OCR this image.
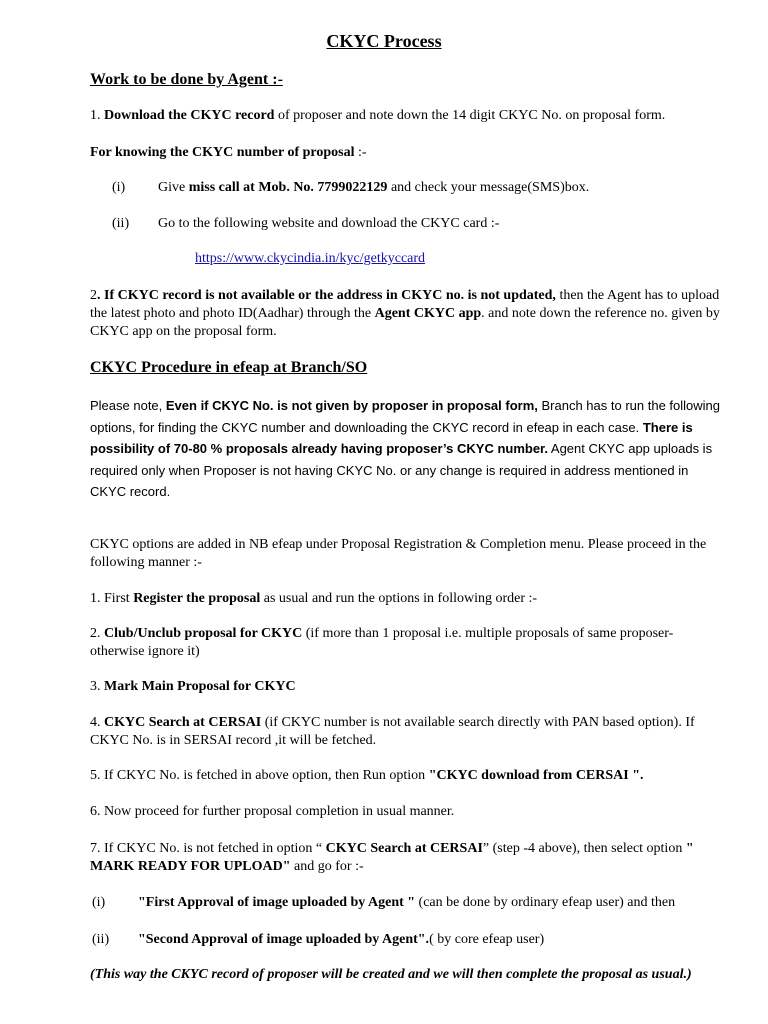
CKYC Process
Work to be done by Agent :-

1. Download the CKYC record of proposer and note down the 14 digit CKYC No. on proposal form.

For knowing the CKYC number of proposal :-

(i) Give miss call at Mob. No. 7799022129 and check your message(SMS)box.

(ii) Go to the following website and download the CKYC card :-

https://www.ckycindia.in/kyc/getkyccard

2. If CKYC record is not available or the address in CKYC no. is not updated, then the Agent has to upload the latest photo and photo ID(Aadhar) through the Agent CKYC app. and note down the reference no. given by CKYC app on the proposal form.

CKYC Procedure in efeap at Branch/SO

Please note, Even if CKYC No. is not given by proposer in proposal form, Branch has to run the following options, for finding the CKYC number and downloading the CKYC record in efeap in each case. There is possibility of 70-80 % proposals already having proposer’s CKYC number. Agent CKYC app uploads is required only when Proposer is not having CKYC No. or any change is required in address mentioned in CKYC record.

CKYC options are added in NB efeap under Proposal Registration & Completion menu. Please proceed in the following manner :-

1. First Register the proposal as usual and run the options in following order :-

2. Club/Unclub proposal for CKYC (if more than 1 proposal i.e. multiple proposals of same proposer- otherwise ignore it)

3. Mark Main Proposal for CKYC

4. CKYC Search at CERSAI (if CKYC number is not available search directly with PAN based option). If CKYC No. is in SERSAI record ,it will be fetched.

5. If CKYC No. is fetched in above option, then Run option "CKYC download from CERSAI ".

6. Now proceed for further proposal completion in usual manner.

7. If CKYC No. is not fetched in option “ CKYC Search at CERSAI” (step -4 above), then select option " MARK READY FOR UPLOAD" and go for :-

(i) "First Approval of image uploaded by Agent " (can be done by ordinary efeap user) and then

(ii) "Second Approval of image uploaded by Agent".( by core efeap user)

(This way the CKYC record of proposer will be created and we will then complete the proposal as usual.)
